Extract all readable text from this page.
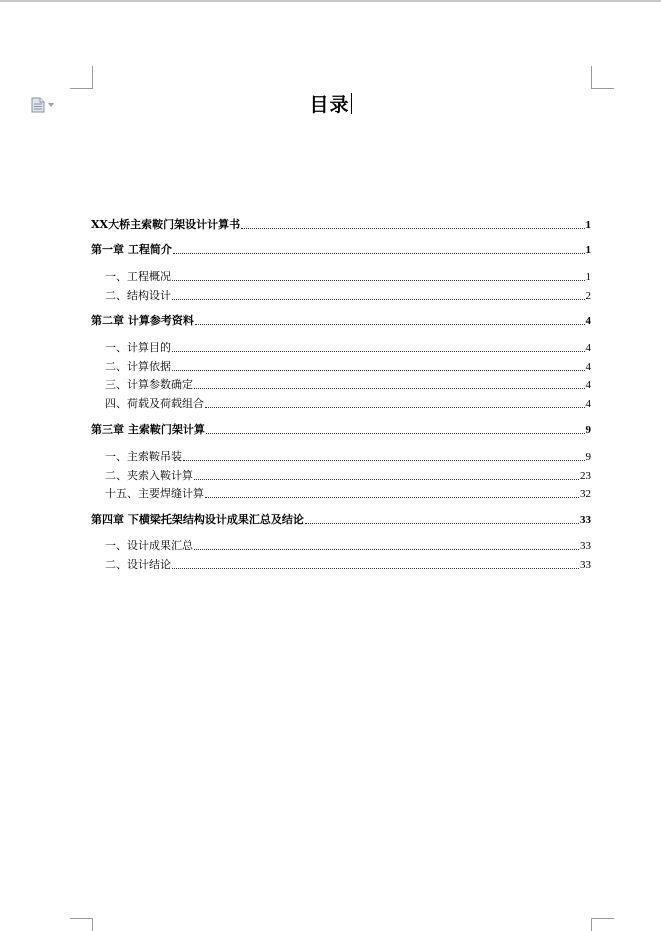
目录
XX大桥主索鞍门架设计计算书	1
第一章 工程简介	1
一、工程概况	1
二、结构设计	2
第二章 计算参考资料	4
一、计算目的	4
二、计算依据	4
三、计算参数确定	4
四、荷载及荷载组合	4
第三章 主索鞍门架计算	9
一、主索鞍吊装	9
二、夹索入鞍计算	23
十五、主要焊缝计算	32
第四章 下横梁托架结构设计成果汇总及结论	33
一、设计成果汇总	33
二、设计结论	33
